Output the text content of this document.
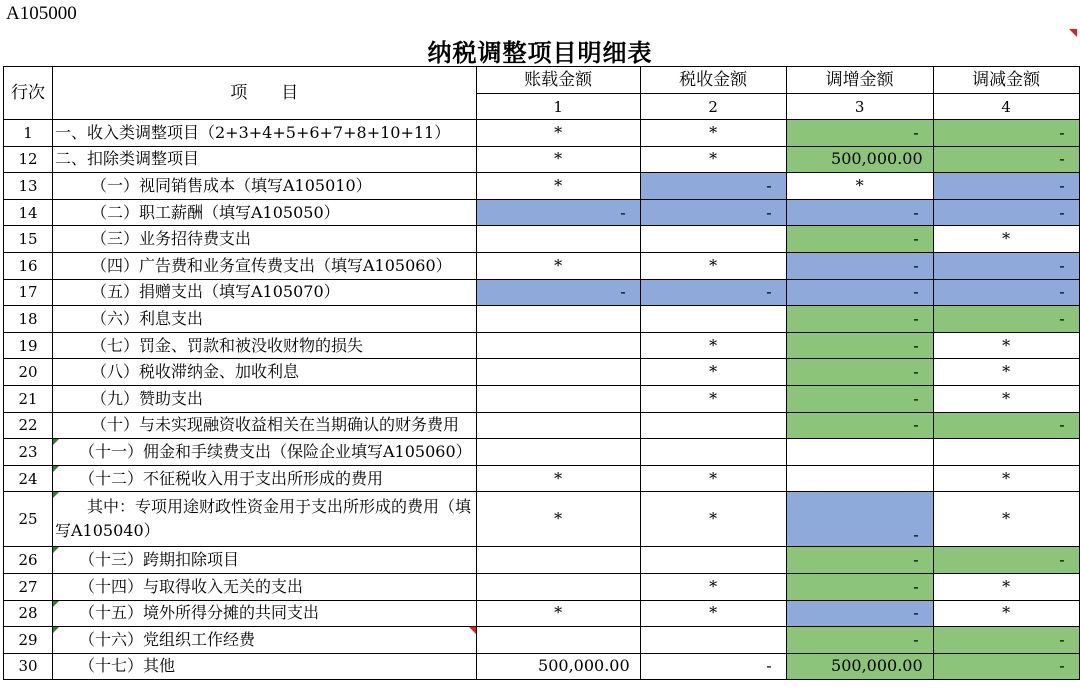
A105000
纳税调整项目明细表
行次	项　　目	账载金额	税收金额	调增金额	调减金额
		1	2	3	4
1	一、收入类调整项目（2+3+4+5+6+7+8+10+11）	*	*	-	-
12	二、扣除类调整项目	*	*	500,000.00	-
13	（一）视同销售成本（填写A105010）	*	-	*	-
14	（二）职工薪酬（填写A105050）	-	-	-	-
15	（三）业务招待费支出			-	*
16	（四）广告费和业务宣传费支出（填写A105060）	*	*	-	-
17	（五）捐赠支出（填写A105070）	-	-	-	-
18	（六）利息支出			-	-
19	（七）罚金、罚款和被没收财物的损失		*	-	*
20	（八）税收滞纳金、加收利息		*	-	*
21	（九）赞助支出		*	-	*
22	（十）与未实现融资收益相关在当期确认的财务费用			-	-
23	（十一）佣金和手续费支出（保险企业填写A105060）				
24	（十二）不征税收入用于支出所形成的费用	*	*		*
25	　　其中：专项用途财政性资金用于支出所形成的费用（填写A105040）	*	*	-	*
26	（十三）跨期扣除项目			-	-
27	（十四）与取得收入无关的支出		*	-	*
28	（十五）境外所得分摊的共同支出	*	*	-	*
29	（十六）党组织工作经费			-	-
30	（十七）其他	500,000.00	-	500,000.00	-
